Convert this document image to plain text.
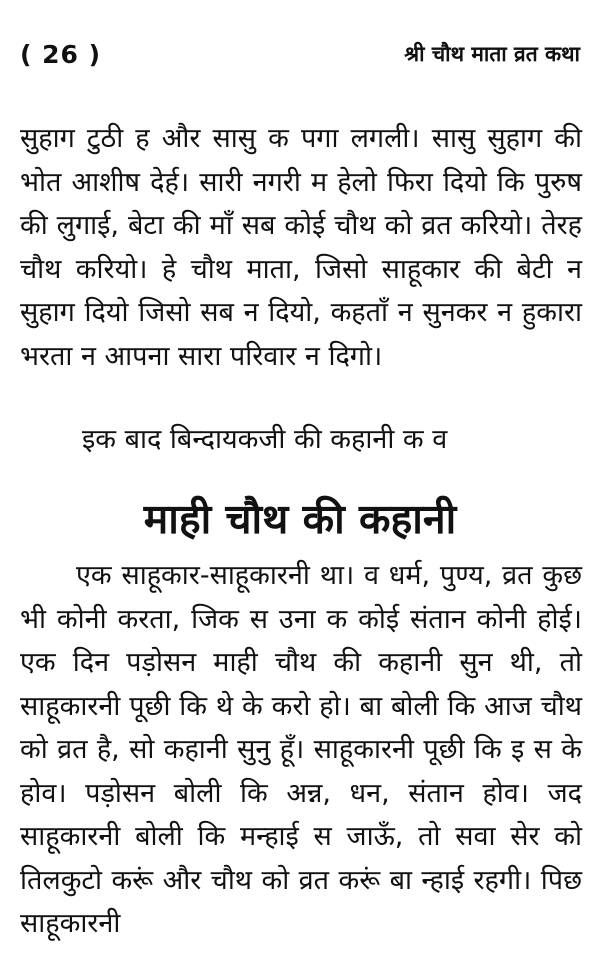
( 26 )	श्री चौथ माता व्रत कथा

सुहाग टुठी ह और सासु क पगा लगली। सासु सुहाग की भोत आशीष देर्ह। सारी नगरी म हेलो फिरा दियो कि पुरुष की लुगाई, बेटा की माँ सब कोई चौथ को व्रत करियो। तेरह चौथ करियो। हे चौथ माता, जिसो साहूकार की बेटी न सुहाग दियो जिसो सब न दियो, कहताँ न सुनकर न हुकारा भरता न आपना सारा परिवार न दिगो।

इक बाद बिन्दायकजी की कहानी क व

माही चौथ की कहानी

एक साहूकार-साहूकारनी था। व धर्म, पुण्य, व्रत कुछ भी कोनी करता, जिक स उना क कोई संतान कोनी होई। एक दिन पड़ोसन माही चौथ की कहानी सुन थी, तो साहूकारनी पूछी कि थे के करो हो। बा बोली कि आज चौथ को व्रत है, सो कहानी सुनु हूँ। साहूकारनी पूछी कि इ स के होव। पड़ोसन बोली कि अन्न, धन, संतान होव। जद साहूकारनी बोली कि मन्हाई स जाऊँ, तो सवा सेर को तिलकुटो करूं और चौथ को व्रत करूं बा न्हाई रहगी। पिछ साहूकारनी
